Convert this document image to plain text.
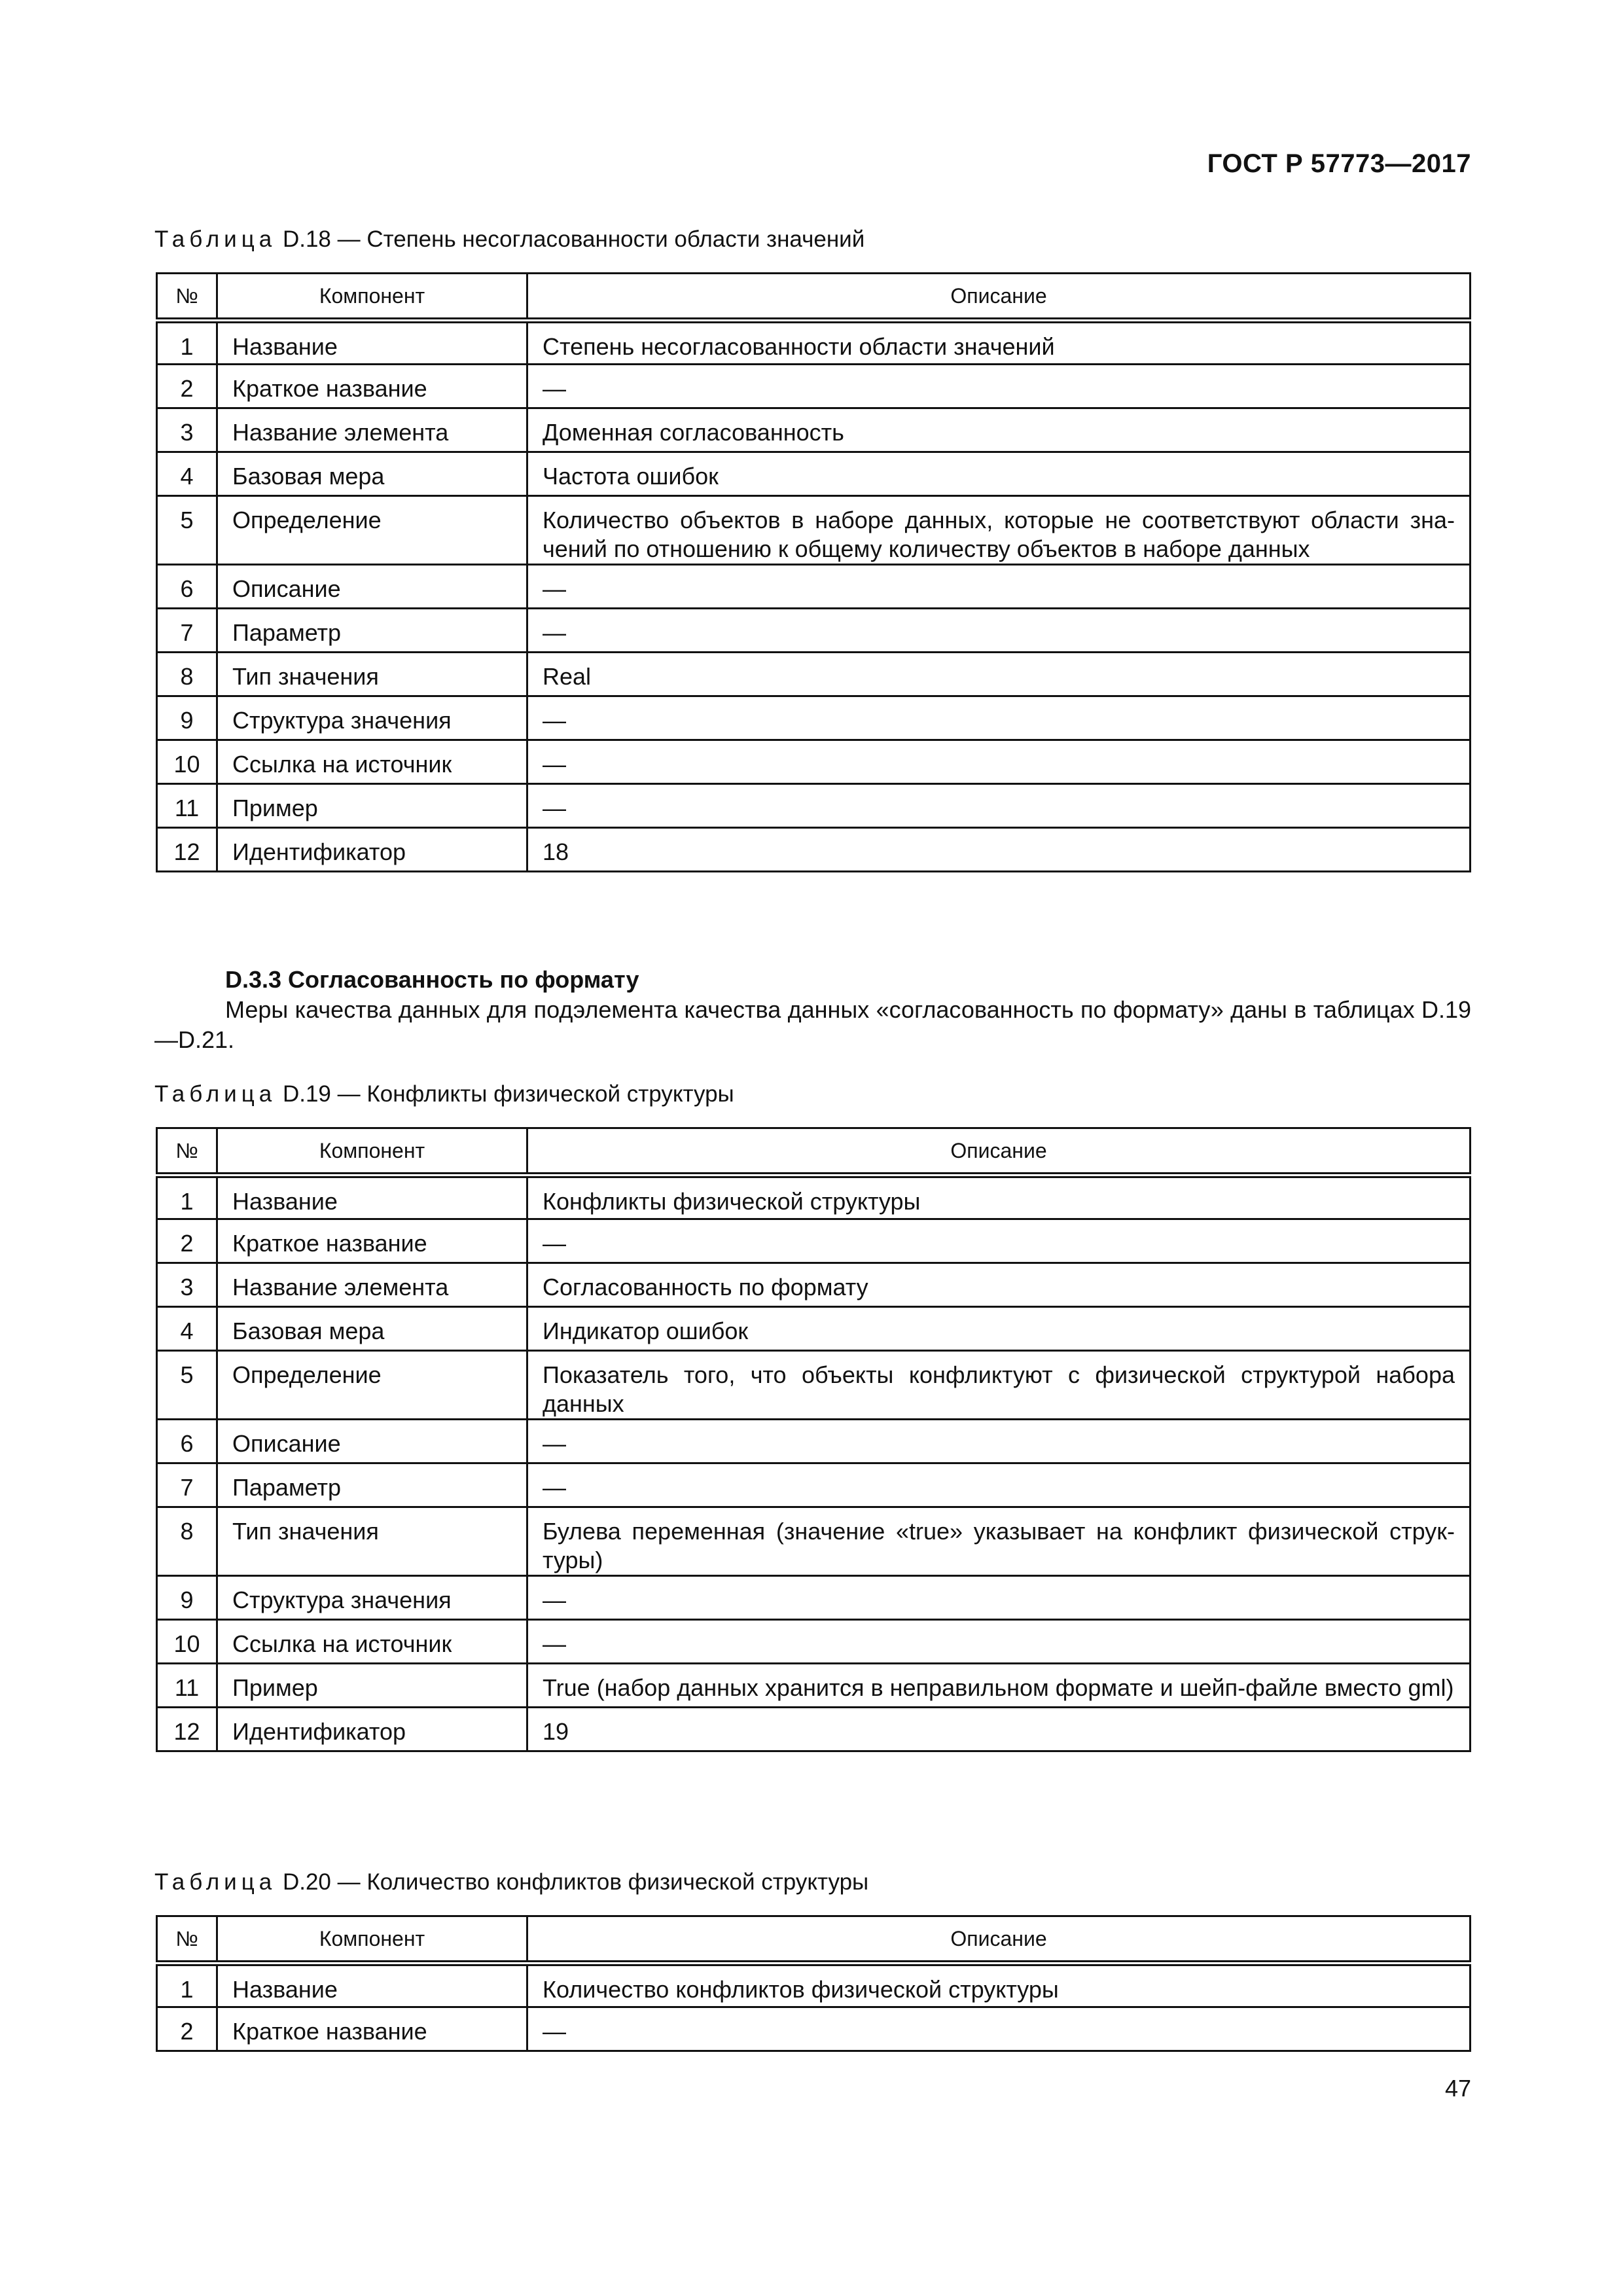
ГОСТ Р 57773—2017
Таблица D.18 — Степень несогласованности области значений
№	Компонент	Описание
1	Название	Степень несогласованности области значений
2	Краткое название	—
3	Название элемента	Доменная согласованность
4	Базовая мера	Частота ошибок
5	Определение	Количество объектов в наборе данных, которые не соответствуют области зна-чений по отношению к общему количеству объектов в наборе данных
6	Описание	—
7	Параметр	—
8	Тип значения	Real
9	Структура значения	—
10	Ссылка на источник	—
11	Пример	—
12	Идентификатор	18
D.3.3 Согласованность по формату
Меры качества данных для подэлемента качества данных «согласованность по формату» даны в таблицах D.19—D.21.
Таблица D.19 — Конфликты физической структуры
№	Компонент	Описание
1	Название	Конфликты физической структуры
2	Краткое название	—
3	Название элемента	Согласованность по формату
4	Базовая мера	Индикатор ошибок
5	Определение	Показатель того, что объекты конфликтуют с физической структурой набора данных
6	Описание	—
7	Параметр	—
8	Тип значения	Булева переменная (значение «true» указывает на конфликт физической струк-туры)
9	Структура значения	—
10	Ссылка на источник	—
11	Пример	True (набор данных хранится в неправильном формате и шейп-файле вместо gml)
12	Идентификатор	19
Таблица D.20 — Количество конфликтов физической структуры
№	Компонент	Описание
1	Название	Количество конфликтов физической структуры
2	Краткое название	—
47
